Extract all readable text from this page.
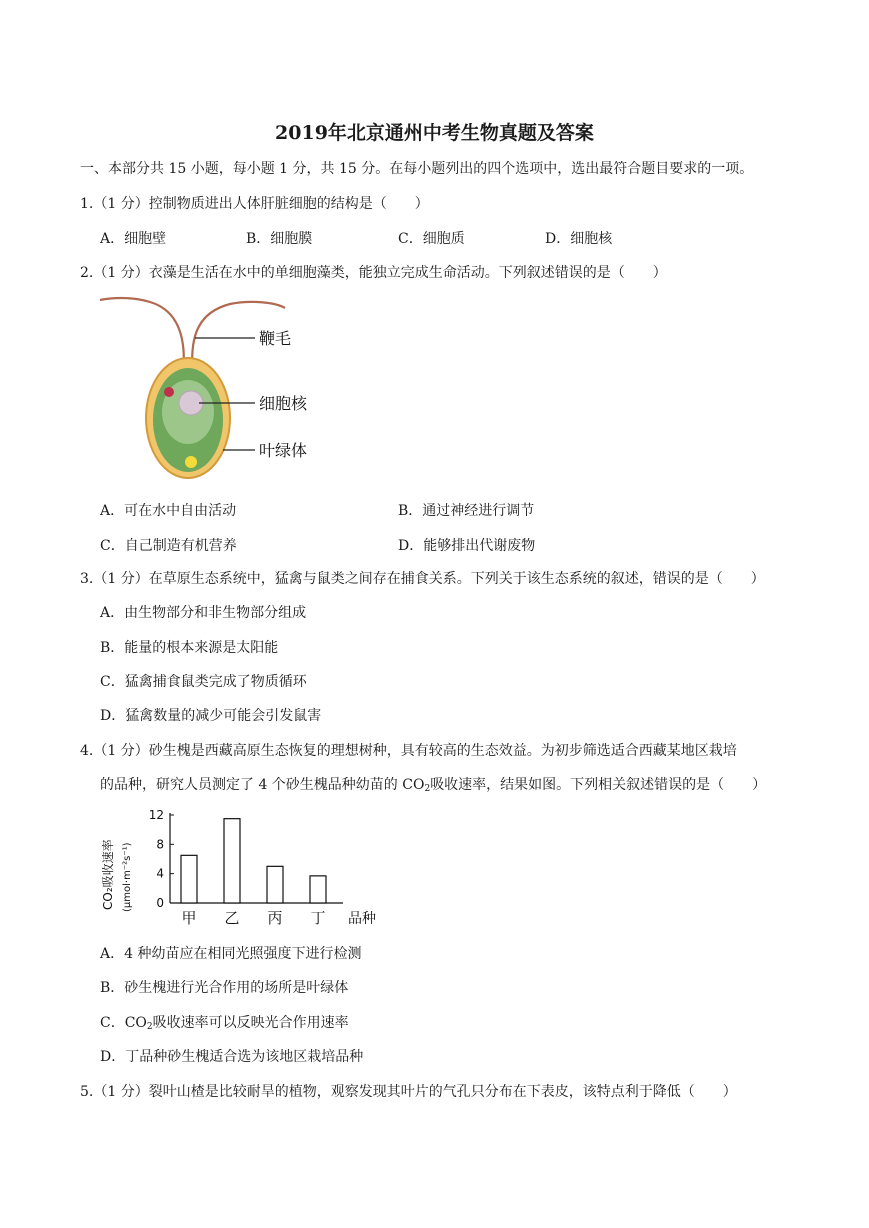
2019年北京通州中考生物真题及答案
一、本部分共 15 小题，每小题 1 分，共 15 分。在每小题列出的四个选项中，选出最符合题目要求的一项。
1.（1 分）控制物质进出人体肝脏细胞的结构是（　　）
A．细胞壁	B．细胞膜	C．细胞质	D．细胞核
2.（1 分）衣藻是生活在水中的单细胞藻类，能独立完成生命活动。下列叙述错误的是（　　）
鞭毛
细胞核
叶绿体
A．可在水中自由活动	B．通过神经进行调节
C．自己制造有机营养	D．能够排出代谢废物
3.（1 分）在草原生态系统中，猛禽与鼠类之间存在捕食关系。下列关于该生态系统的叙述，错误的是（　　）
A．由生物部分和非生物部分组成
B．能量的根本来源是太阳能
C．猛禽捕食鼠类完成了物质循环
D．猛禽数量的减少可能会引发鼠害
4.（1 分）砂生槐是西藏高原生态恢复的理想树种，具有较高的生态效益。为初步筛选适合西藏某地区栽培
的品种，研究人员测定了 4 个砂生槐品种幼苗的 $CO_2$吸收速率，结果如图。下列相关叙述错误的是（　　）
CO₂吸收速率 (μmol·m⁻²s⁻¹) 0
4
8
12
甲 乙 丙 丁 品种
A．4 种幼苗应在相同光照强度下进行检测
B．砂生槐进行光合作用的场所是叶绿体
C．$CO_2$吸收速率可以反映光合作用速率
D．丁品种砂生槐适合选为该地区栽培品种
5.（1 分）裂叶山楂是比较耐旱的植物，观察发现其叶片的气孔只分布在下表皮，该特点利于降低（　　）
